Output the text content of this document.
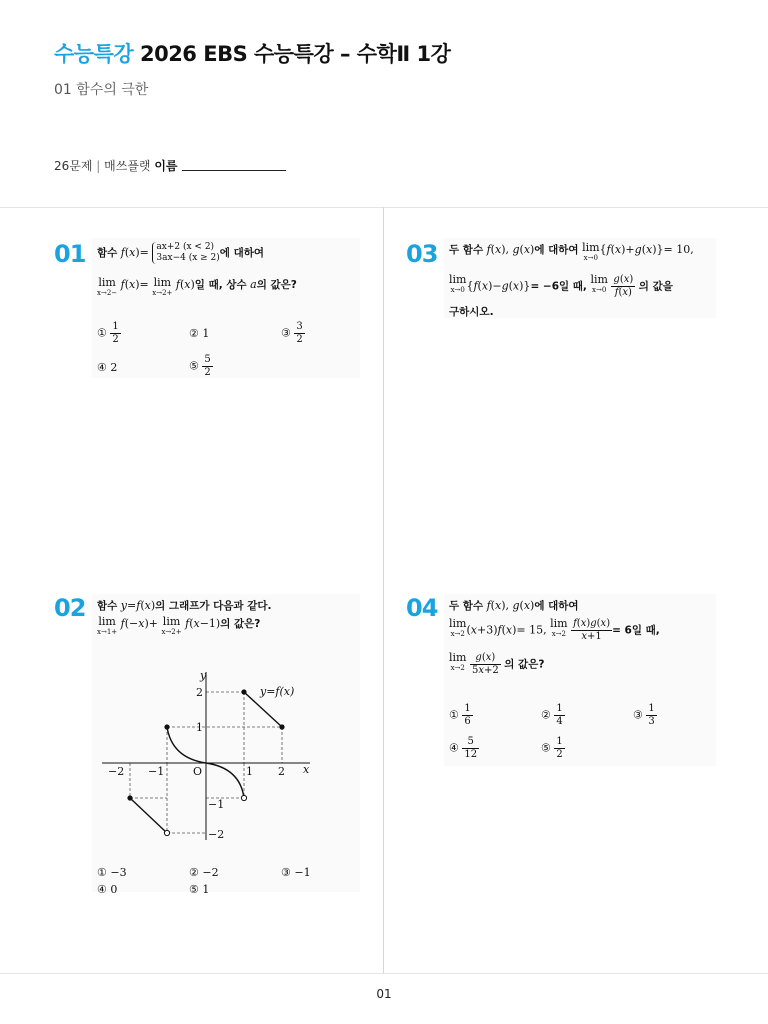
수능특강 2026 EBS 수능특강 – 수학Ⅱ 1강
01 함수의 극한
26문제 | 매쓰플랫 이름
01 함수 f(x)= ax+2 (x < 2)
3ax−4 (x ≥ 2) 에 대하여
lim
x→2−
f(x)= lim
x→2+
f(x)일 때, 상수 a의 값은?
① $\frac{1}{2}$	② 1	③ $\frac{3}{2}$
④ 2	⑤ $\frac{5}{2}$
03 두 함수 f(x), g(x)에 대하여 lim
x→0
{f(x)+g(x)}= 10,
lim
x→0 {f(x)−g(x)}= −6일 때, lim
x→0
$\frac{g(x)}{f(x)}$ 의 값을
구하시오.
02 함수 y=f(x)의 그래프가 다음과 같다.
lim
x→1+
f(−x)+ lim
x→2+
f(x−1)의 값은?
y
x
O
−2 −1	1 2
2
1
−1
−2
y=f(x)
① −3	② −2	③ −1
④ 0	⑤ 1
04 두 함수 f(x), g(x)에 대하여
lim
x→2 (x+3)f(x)= 15, lim
x→2
$\frac{f(x)g(x)}{x+1} = 6$일 때,
lim
x→2
$\frac{g(x)}{5x+2}$ 의 값은?
① $\frac{1}{6}$	② $\frac{1}{4}$	③ $\frac{1}{3}$
④ $\frac{5}{12}$	⑤ $\frac{1}{2}$
01
